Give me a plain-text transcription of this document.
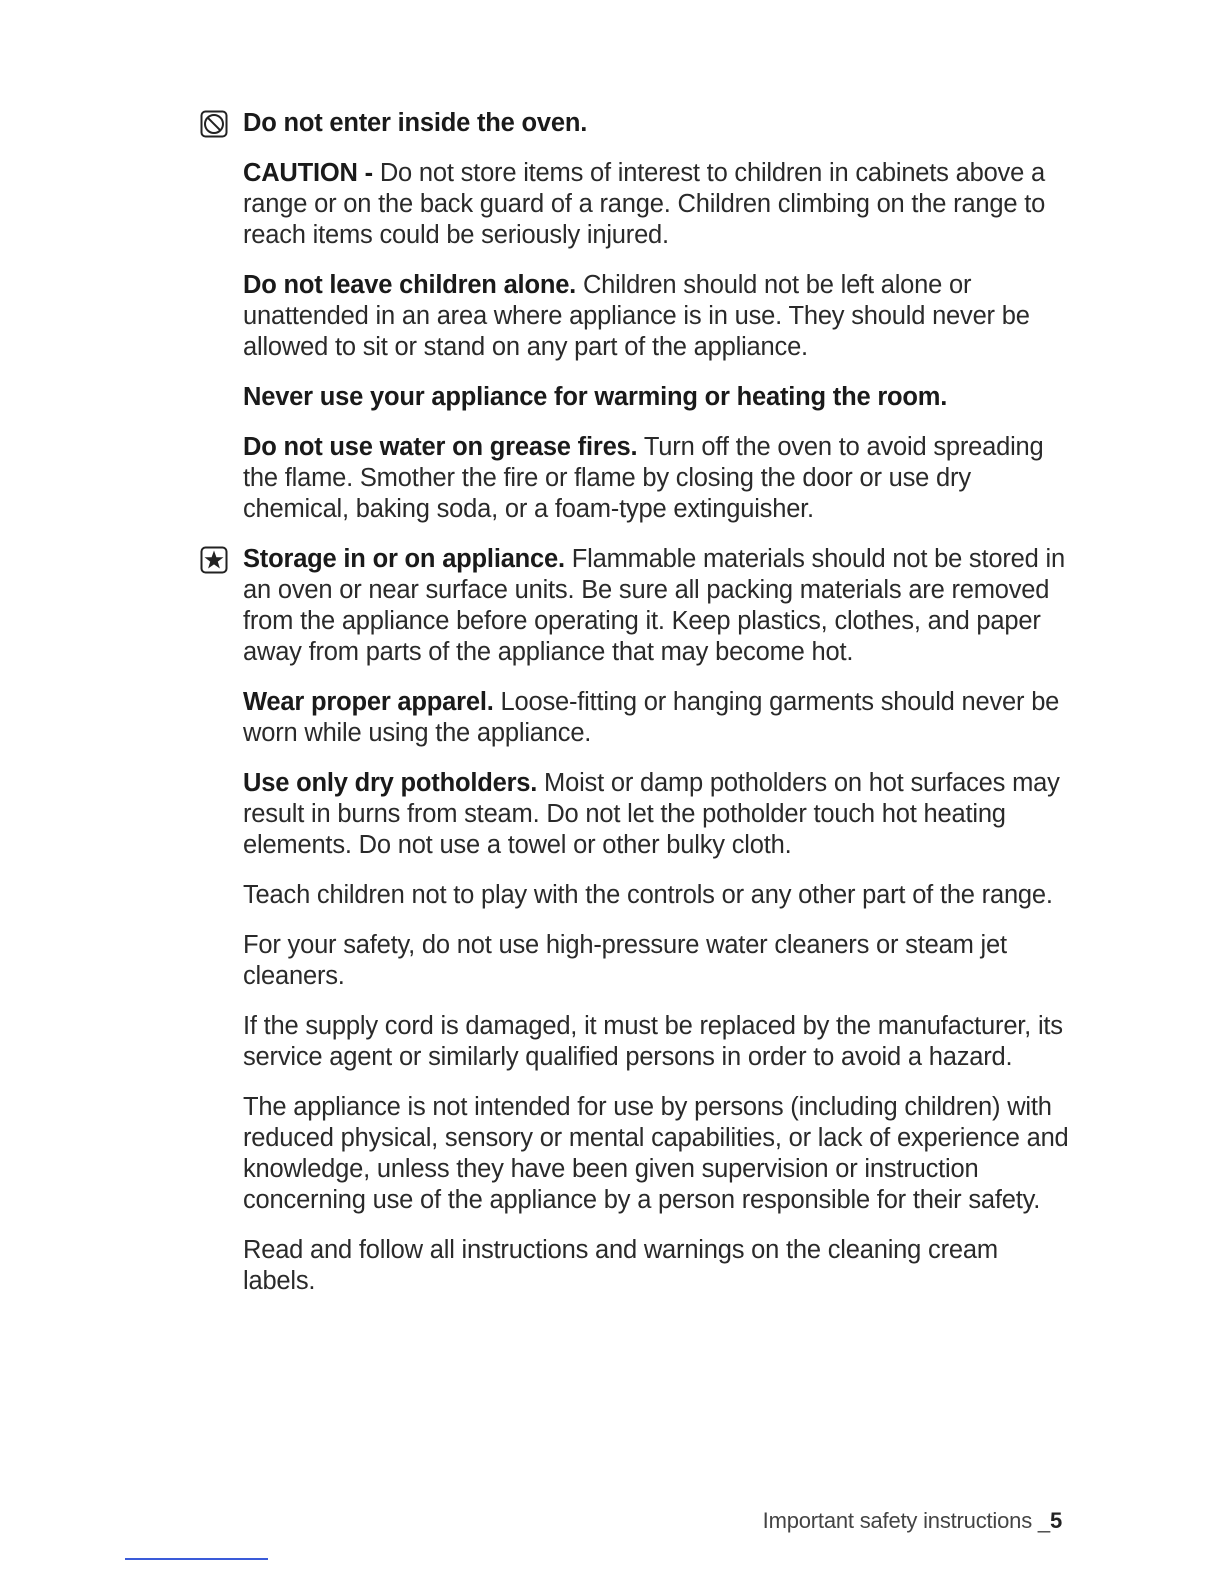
Do not enter inside the oven.

CAUTION - Do not store items of interest to children in cabinets above a range or on the back guard of a range. Children climbing on the range to reach items could be seriously injured.

Do not leave children alone. Children should not be left alone or unattended in an area where appliance is in use. They should never be allowed to sit or stand on any part of the appliance.

Never use your appliance for warming or heating the room.

Do not use water on grease fires. Turn off the oven to avoid spreading the flame. Smother the fire or flame by closing the door or use dry chemical, baking soda, or a foam-type extinguisher.

Storage in or on appliance. Flammable materials should not be stored in an oven or near surface units. Be sure all packing materials are removed from the appliance before operating it. Keep plastics, clothes, and paper away from parts of the appliance that may become hot.

Wear proper apparel. Loose-fitting or hanging garments should never be worn while using the appliance.

Use only dry potholders. Moist or damp potholders on hot surfaces may result in burns from steam. Do not let the potholder touch hot heating elements. Do not use a towel or other bulky cloth.

Teach children not to play with the controls or any other part of the range.

For your safety, do not use high-pressure water cleaners or steam jet cleaners.

If the supply cord is damaged, it must be replaced by the manufacturer, its service agent or similarly qualified persons in order to avoid a hazard.

The appliance is not intended for use by persons (including children) with reduced physical, sensory or mental capabilities, or lack of experience and knowledge, unless they have been given supervision or instruction concerning use of the appliance by a person responsible for their safety.

Read and follow all instructions and warnings on the cleaning cream labels.

Important safety instructions _5
